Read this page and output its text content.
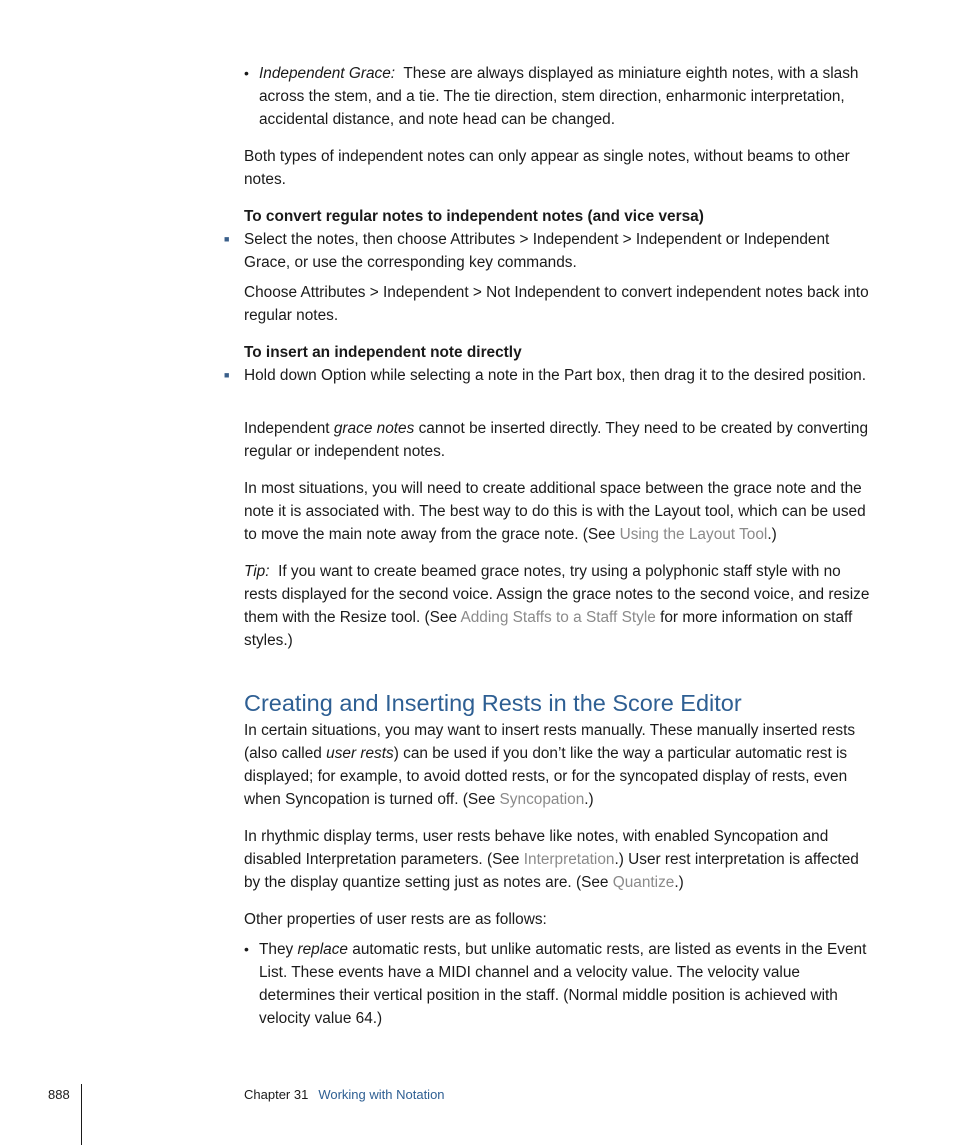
• Independent Grace: These are always displayed as miniature eighth notes, with a slash across the stem, and a tie. The tie direction, stem direction, enharmonic interpretation, accidental distance, and note head can be changed.

Both types of independent notes can only appear as single notes, without beams to other notes.

To convert regular notes to independent notes (and vice versa)

■ Select the notes, then choose Attributes > Independent > Independent or Independent Grace, or use the corresponding key commands.

Choose Attributes > Independent > Not Independent to convert independent notes back into regular notes.

To insert an independent note directly

■ Hold down Option while selecting a note in the Part box, then drag it to the desired position.

Independent grace notes cannot be inserted directly. They need to be created by converting regular or independent notes.

In most situations, you will need to create additional space between the grace note and the note it is associated with. The best way to do this is with the Layout tool, which can be used to move the main note away from the grace note. (See Using the Layout Tool.)

Tip: If you want to create beamed grace notes, try using a polyphonic staff style with no rests displayed for the second voice. Assign the grace notes to the second voice, and resize them with the Resize tool. (See Adding Staffs to a Staff Style for more information on staff styles.)

Creating and Inserting Rests in the Score Editor

In certain situations, you may want to insert rests manually. These manually inserted rests (also called user rests) can be used if you don’t like the way a particular automatic rest is displayed; for example, to avoid dotted rests, or for the syncopated display of rests, even when Syncopation is turned off. (See Syncopation.)

In rhythmic display terms, user rests behave like notes, with enabled Syncopation and disabled Interpretation parameters. (See Interpretation.) User rest interpretation is affected by the display quantize setting just as notes are. (See Quantize.)

Other properties of user rests are as follows:

• They replace automatic rests, but unlike automatic rests, are listed as events in the Event List. These events have a MIDI channel and a velocity value. The velocity value determines their vertical position in the staff. (Normal middle position is achieved with velocity value 64.)

888	Chapter 31 Working with Notation
